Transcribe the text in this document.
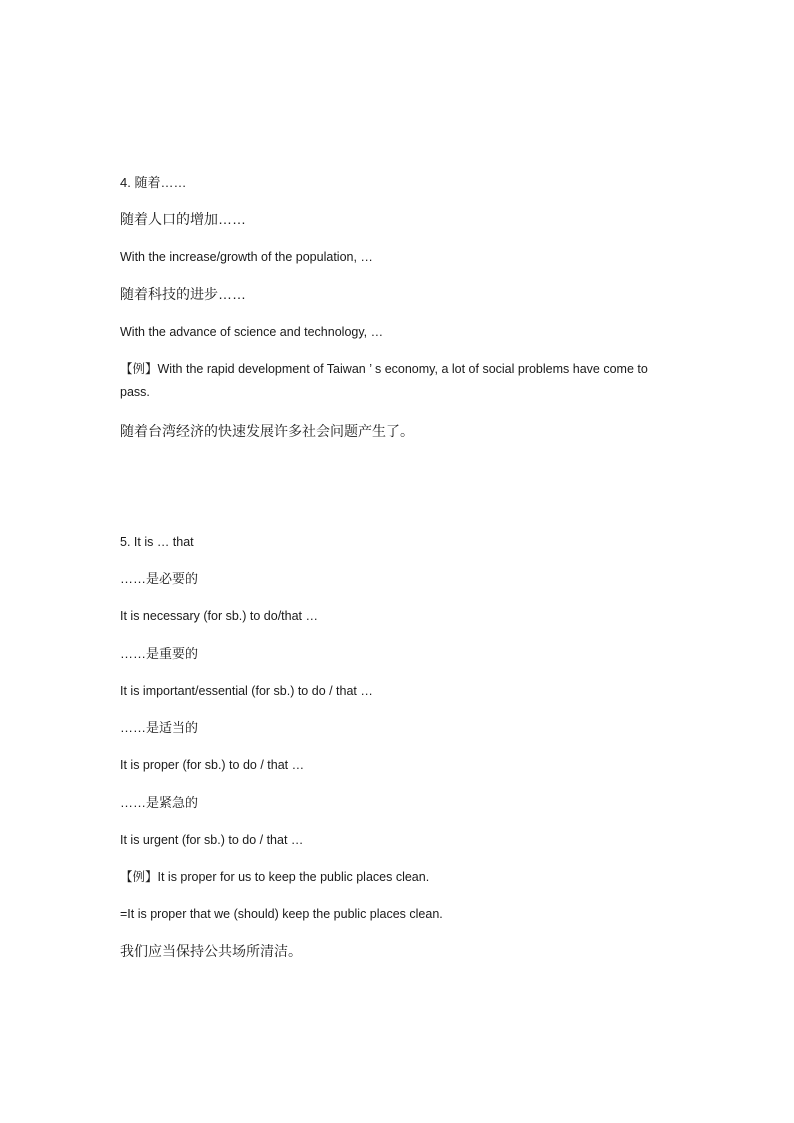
4. 随着……
随着人口的增加……
With the increase/growth of the population, …
随着科技的进步……
With the advance of science and technology, …
【例】With the rapid development of Taiwan ’ s economy, a lot of social problems have come to pass.
随着台湾经济的快速发展许多社会问题产生了。
5. It is … that
……是必要的
It is necessary (for sb.) to do/that …
……是重要的
It is important/essential (for sb.) to do / that …
……是适当的
It is proper (for sb.) to do / that …
……是紧急的
It is urgent (for sb.) to do / that …
【例】It is proper for us to keep the public places clean.
=It is proper that we (should) keep the public places clean.
我们应当保持公共场所清洁。
